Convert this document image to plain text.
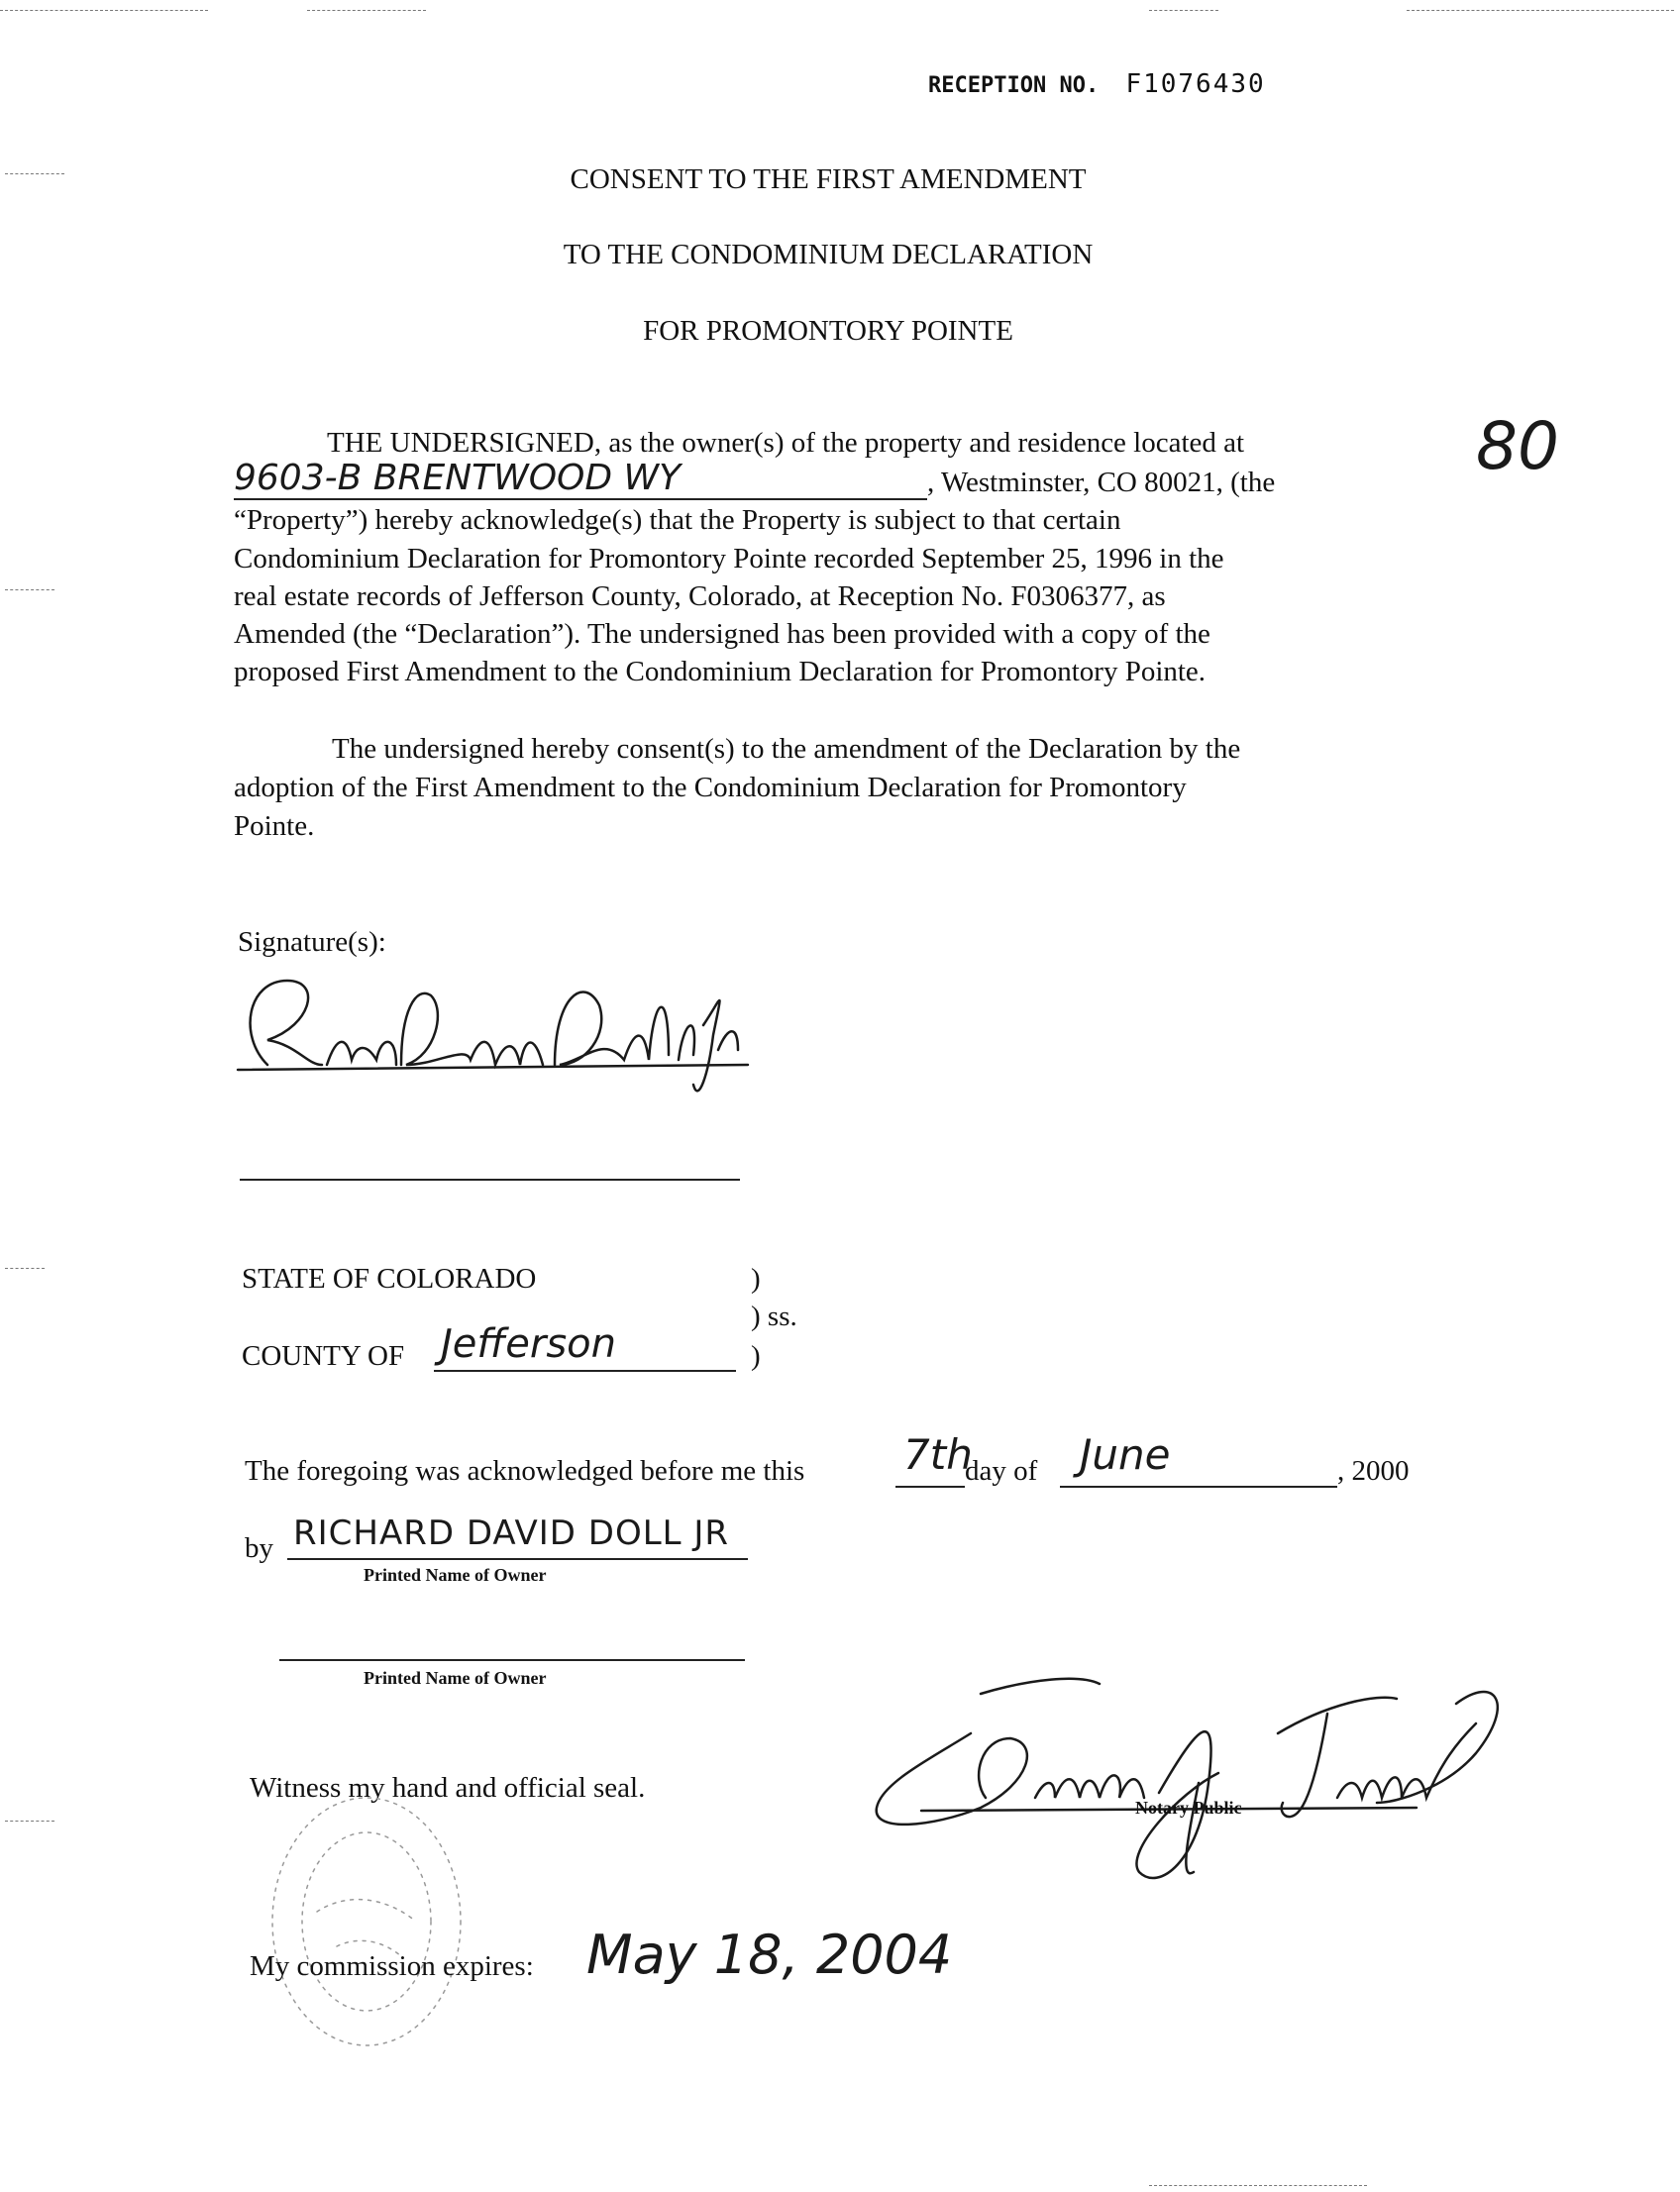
RECEPTION NO. F1076430
80
CONSENT TO THE FIRST AMENDMENT
TO THE CONDOMINIUM DECLARATION
FOR PROMONTORY POINTE
THE UNDERSIGNED, as the owner(s) of the property and residence located at
9603-B BRENTWOOD WY	, Westminster, CO 80021, (the
“Property”) hereby acknowledge(s) that the Property is subject to that certain
Condominium Declaration for Promontory Pointe recorded September 25, 1996 in the
real estate records of Jefferson County, Colorado, at Reception No. F0306377, as
Amended (the “Declaration”). The undersigned has been provided with a copy of the
proposed First Amendment to the Condominium Declaration for Promontory Pointe.
The undersigned hereby consent(s) to the amendment of the Declaration by the
adoption of the First Amendment to the Condominium Declaration for Promontory
Pointe.
Signature(s):
STATE OF COLORADO	)
) ss.
COUNTY OF Jefferson	)
The foregoing was acknowledged before me this 7th
day of June	, 2000
by RICHARD DAVID DOLL JR
Printed Name of Owner
Printed Name of Owner
Witness my hand and official seal.
Notary Public
My commission expires: May 18, 2004
